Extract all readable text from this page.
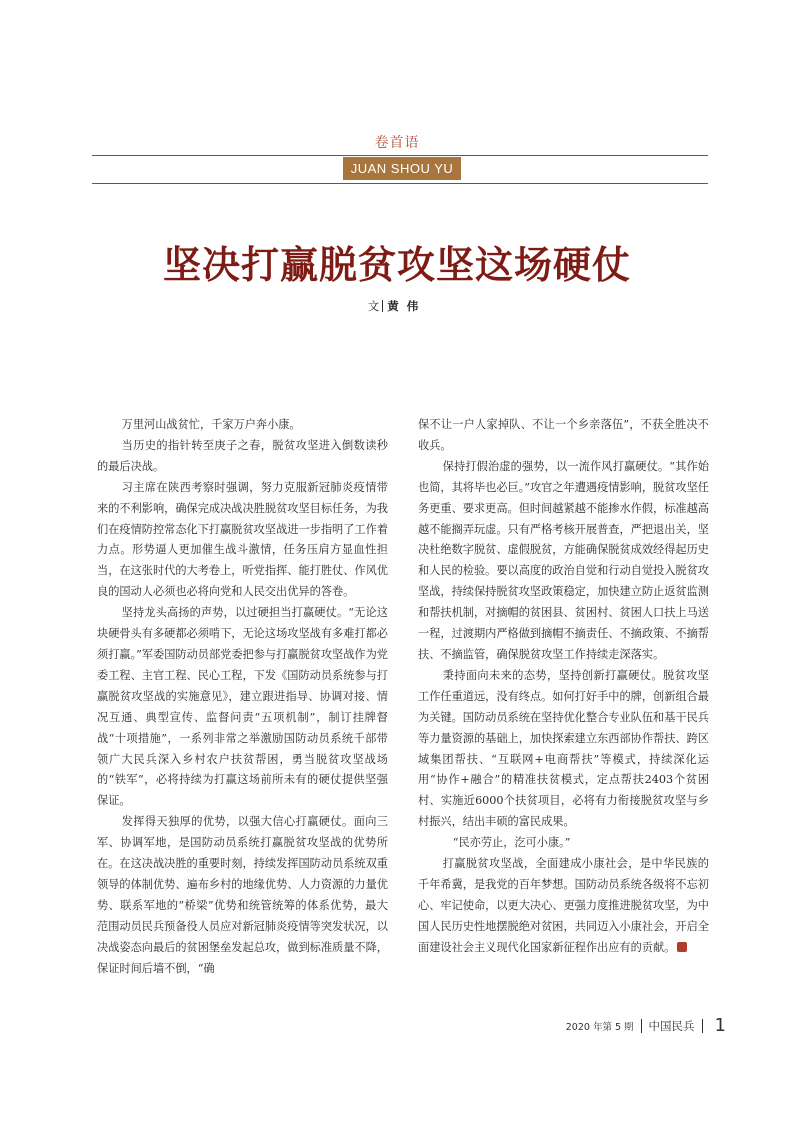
卷首语
JUAN SHOU YU
坚决打赢脱贫攻坚这场硬仗
文 黄伟

万里河山战贫忙，千家万户奔小康。

当历史的指针转至庚子之春，脱贫攻坚进入倒数读秒的最后决战。

习主席在陕西考察时强调，努力克服新冠肺炎疫情带来的不利影响，确保完成决战决胜脱贫攻坚目标任务，为我们在疫情防控常态化下打赢脱贫攻坚战进一步指明了工作着力点。形势逼人更加催生战斗激情，任务压肩方显血性担当，在这张时代的大考卷上，听党指挥、能打胜仗、作风优良的国动人必须也必将向党和人民交出优异的答卷。

坚持龙头高扬的声势，以过硬担当打赢硬仗。“无论这块硬骨头有多硬都必须啃下，无论这场攻坚战有多难打都必须打赢。”军委国防动员部党委把参与打赢脱贫攻坚战作为党委工程、主官工程、民心工程，下发《国防动员系统参与打赢脱贫攻坚战的实施意见》，建立跟进指导、协调对接、情况互通、典型宣传、监督问责“五项机制”，制订挂牌督战“十项措施”，一系列非常之举激励国防动员系统千部带领广大民兵深入乡村农户扶贫帮困，勇当脱贫攻坚战场的“铁军”，必将持续为打赢这场前所未有的硬仗提供坚强保证。

发挥得天独厚的优势，以强大信心打赢硬仗。面向三军、协调军地，是国防动员系统打赢脱贫攻坚战的优势所在。在这决战决胜的重要时刻，持续发挥国防动员系统双重领导的体制优势、遍布乡村的地缘优势、人力资源的力量优势、联系军地的“桥梁”优势和统管统筹的体系优势，最大范围动员民兵预备役人员应对新冠肺炎疫情等突发状况，以决战姿态向最后的贫困堡垒发起总攻，做到标准质量不降，保证时间后墙不倒，“确

保不让一户人家掉队、不让一个乡亲落伍”，不获全胜决不收兵。

保持打假治虚的强势，以一流作风打赢硬仗。“其作始也简，其将毕也必巨。”攻官之年遭遇疫情影响，脱贫攻坚任务更重、要求更高。但时间越紧越不能掺水作假，标准越高越不能搁弄玩虚。只有严格考核开展普查，严把退出关，坚决杜绝数字脱贫、虚假脱贫，方能确保脱贫成效经得起历史和人民的检验。要以高度的政治自觉和行动自觉投入脱贫攻坚战，持续保持脱贫攻坚政策稳定，加快建立防止返贫监测和帮扶机制，对摘帽的贫困县、贫困村、贫困人口扶上马送一程，过渡期内严格做到摘帽不摘责任、不摘政策、不摘帮扶、不摘监管，确保脱贫攻坚工作持续走深落实。

秉持面向未来的态势，坚持创新打赢硬仗。脱贫攻坚工作任重道远，没有终点。如何打好手中的牌，创新组合最为关键。国防动员系统在坚持优化整合专业队伍和基干民兵等力量资源的基础上，加快探索建立东西部协作帮扶、跨区域集团帮扶、“互联网+电商帮扶”等模式，持续深化运用“协作+融合”的精准扶贫模式，定点帮扶2403个贫困村、实施近6000个扶贫项目，必将有力衔接脱贫攻坚与乡村振兴，结出丰硕的富民成果。

“民亦劳止，汔可小康。”

打赢脱贫攻坚战，全面建成小康社会，是中华民族的千年希冀，是我党的百年梦想。国防动员系统各级将不忘初心、牢记使命，以更大决心、更强力度推进脱贫攻坚，为中国人民历史性地摆脱绝对贫困，共同迈入小康社会，开启全面建设社会主义现代化国家新征程作出应有的贡献。

2020 年第 5 期 中国民兵 1
